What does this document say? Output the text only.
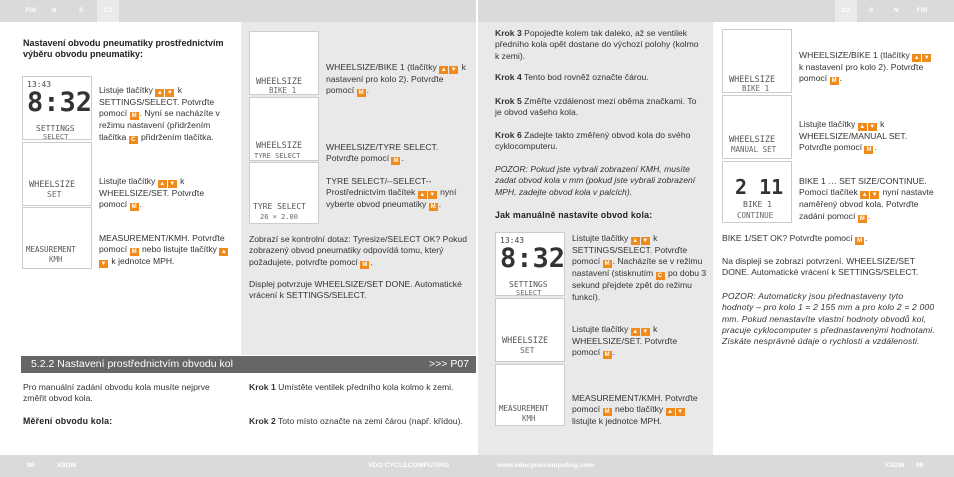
FIN	N	S	CZ	CZ	S	N	FIN
Nastavení obvodu pneumatiky prostřednictvím výběru obvodu pneumatiky:
13:43
8:32
SETTINGS
SELECT
Listuje tlačítky ▲ ▼ k SETTINGS/SELECT. Potvrďte pomocí M . Nyní se nacházíte v režimu nastavení (přidržením tlačítka C přidržením tlačítka.
WHEELSIZE
SET
Listujte tlačítky ▲ ▼ k WHEELSIZE/SET. Potvrďte pomocí M .
MEASUREMENT
KMH
MEASUREMENT/KMH. Potvrďte pomocí M nebo listujte tlačítky ▲▼ k jednotce MPH.
WHEELSIZE
BIKE 1
WHEELSIZE/BIKE 1 (tlačítky ▲ ▼ k nastavení pro kolo 2). Potvrďte pomocí M .
WHEELSIZE
TYRE SELECT
WHEELSIZE/TYRE SELECT. Potvrďte pomocí M .
TYRE SELECT
26 × 2.00
TYRE SELECT/--SELECT-- Prostřednictvím tlačítek ▲ ▼ nyní vyberte obvod pneumatiky M .
Zobrazí se kontrolní dotaz: Tyresize/SELECT OK? Pokud zobrazený obvod pneumatiky odpovídá tomu, který požadujete, potvrďte pomocí M .
Displej potvrzuje WHEELSIZE/SET DONE. Automatické vrácení k SETTINGS/SELECT.
5.2.2 Nastavení prostřednictvím obvodu kol	>>> P07
Pro manuální zadání obvodu kola musíte nejprve změřit obvod kola.
Měření obvodu kola:
Krok 1 Umístěte ventilek předního kola kolmo k zemi.
Krok 2 Toto místo označte na zemi čárou (např. křídou).
Krok 3 Popojeďte kolem tak daleko, až se ventilek předního kola opět dostane do výchozí polohy (kolmo k zemi).
Krok 4 Tento bod rovněž označte čárou.
Krok 5 Změřte vzdálenost mezi oběma značkami. To je obvod vašeho kola.
Krok 6 Zadejte takto změřený obvod kola do svého cyklocomputeru.
POZOR: Pokud jste vybrali zobrazení KMH, musíte zadat obvod kola v mm (pokud jste vybrali zobrazení MPH, zadejte obvod kola v palcích).
Jak manuálně nastavíte obvod kola:
13:43
8:32
SETTINGS
SELECT
Listujte tlačítky ▲ ▼ k SETTINGS/SELECT. Potvrďte pomocí M . Nacházíte se v režimu nastavení (stisknutím C po dobu 3 sekund přejdete zpět do režimu funkcí).
WHEELSIZE
SET
Listujte tlačítky ▲ ▼ k WHEELSIZE/SET. Potvrďte pomocí M .
MEASUREMENT
KMH
MEASUREMENT/KMH. Potvrďte pomocí M nebo tlačítky ▲ ▼ listujte k jednotce MPH.
WHEELSIZE
BIKE 1
WHEELSIZE/BIKE 1 (tlačítky ▲ ▼ k nastavení pro kolo 2). Potvrďte pomocí M .
WHEELSIZE
MANUAL SET
Listujte tlačítky ▲ ▼ k WHEELSIZE/MANUAL SET. Potvrďte pomocí M .
2 11
BIKE 1
CONTINUE
BIKE 1 … SET SIZE/CONTINUE. Pomocí tlačítek ▲ ▼ nyní nastavte naměřený obvod kola. Potvrďte zadání pomocí M .
BIKE 1/SET OK? Potvrďte pomocí M .
Na displeji se zobrazí potvrzení. WHEELSIZE/SET DONE. Automatické vrácení k SETTINGS/SELECT.
POZOR: Automaticky jsou přednastaveny tyto hodnoty – pro kolo 1 = 2 155 mm a pro kolo 2 = 2 000 mm. Pokud nenastavíte vlastní hodnoty obvodů kol, pracuje cyklocomputer s přednastavenými hodnotami. Získáte nesprávné údaje o rychlosti a vzdálenosti.
98	X3DW	VDO CYCLECOMPUTING	www.vdocyclecomputing.com	X3DW 99
